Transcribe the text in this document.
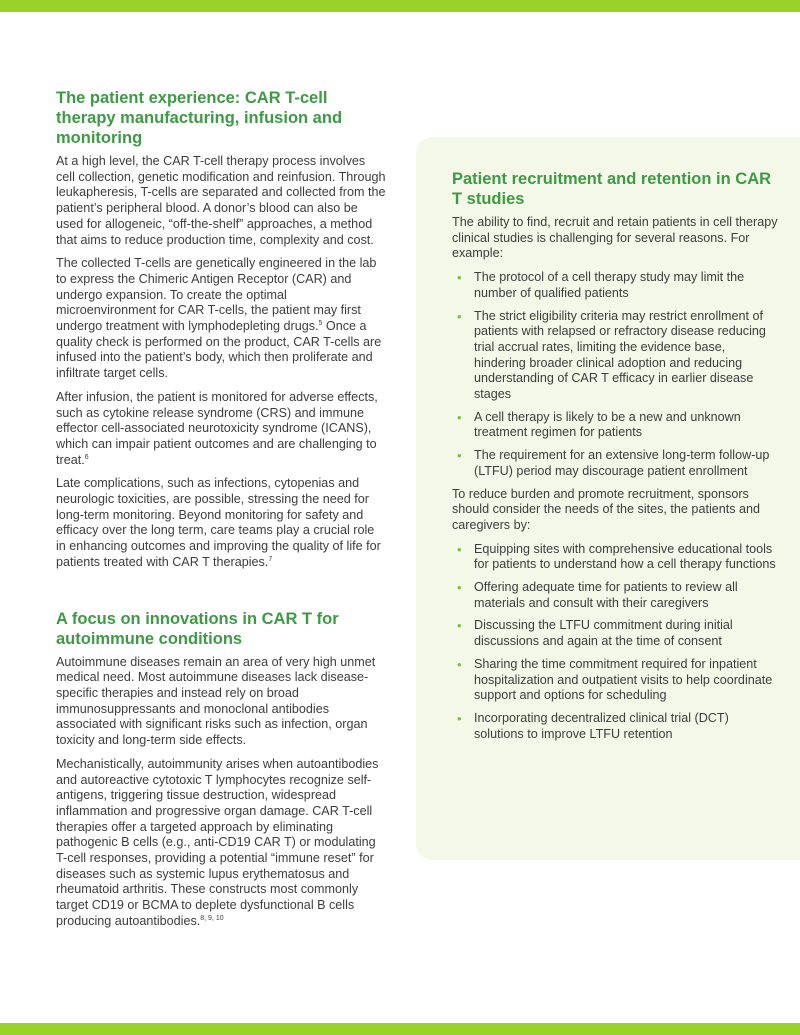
The patient experience: CAR T-cell therapy manufacturing, infusion and monitoring

At a high level, the CAR T-cell therapy process involves cell collection, genetic modification and reinfusion. Through leukapheresis, T-cells are separated and collected from the patient’s peripheral blood. A donor’s blood can also be used for allogeneic, “off-the-shelf” approaches, a method that aims to reduce production time, complexity and cost.

The collected T-cells are genetically engineered in the lab to express the Chimeric Antigen Receptor (CAR) and undergo expansion. To create the optimal microenvironment for CAR T-cells, the patient may first undergo treatment with lymphodepleting drugs.$^5$ Once a quality check is performed on the product, CAR T-cells are infused into the patient’s body, which then proliferate and infiltrate target cells.

After infusion, the patient is monitored for adverse effects, such as cytokine release syndrome (CRS) and immune effector cell-associated neurotoxicity syndrome (ICANS), which can impair patient outcomes and are challenging to treat.$^6$

Late complications, such as infections, cytopenias and neurologic toxicities, are possible, stressing the need for long-term monitoring. Beyond monitoring for safety and efficacy over the long term, care teams play a crucial role in enhancing outcomes and improving the quality of life for patients treated with CAR T therapies.$^7$

A focus on innovations in CAR T for autoimmune conditions

Autoimmune diseases remain an area of very high unmet medical need. Most autoimmune diseases lack disease-specific therapies and instead rely on broad immunosuppressants and monoclonal antibodies associated with significant risks such as infection, organ toxicity and long-term side effects.

Mechanistically, autoimmunity arises when autoantibodies and autoreactive cytotoxic T lymphocytes recognize self-antigens, triggering tissue destruction, widespread inflammation and progressive organ damage. CAR T-cell therapies offer a targeted approach by eliminating pathogenic B cells (e.g., anti-CD19 CAR T) or modulating T-cell responses, providing a potential “immune reset” for diseases such as systemic lupus erythematosus and rheumatoid arthritis. These constructs most commonly target CD19 or BCMA to deplete dysfunctional B cells producing autoantibodies.$^{8, 9, 10}$

Patient recruitment and retention in CAR T studies

The ability to find, recruit and retain patients in cell therapy clinical studies is challenging for several reasons. For example:

• The protocol of a cell therapy study may limit the number of qualified patients
• The strict eligibility criteria may restrict enrollment of patients with relapsed or refractory disease reducing trial accrual rates, limiting the evidence base, hindering broader clinical adoption and reducing understanding of CAR T efficacy in earlier disease stages
• A cell therapy is likely to be a new and unknown treatment regimen for patients
• The requirement for an extensive long-term follow-up (LTFU) period may discourage patient enrollment

To reduce burden and promote recruitment, sponsors should consider the needs of the sites, the patients and caregivers by:

• Equipping sites with comprehensive educational tools for patients to understand how a cell therapy functions
• Offering adequate time for patients to review all materials and consult with their caregivers
• Discussing the LTFU commitment during initial discussions and again at the time of consent
• Sharing the time commitment required for inpatient hospitalization and outpatient visits to help coordinate support and options for scheduling
• Incorporating decentralized clinical trial (DCT) solutions to improve LTFU retention
